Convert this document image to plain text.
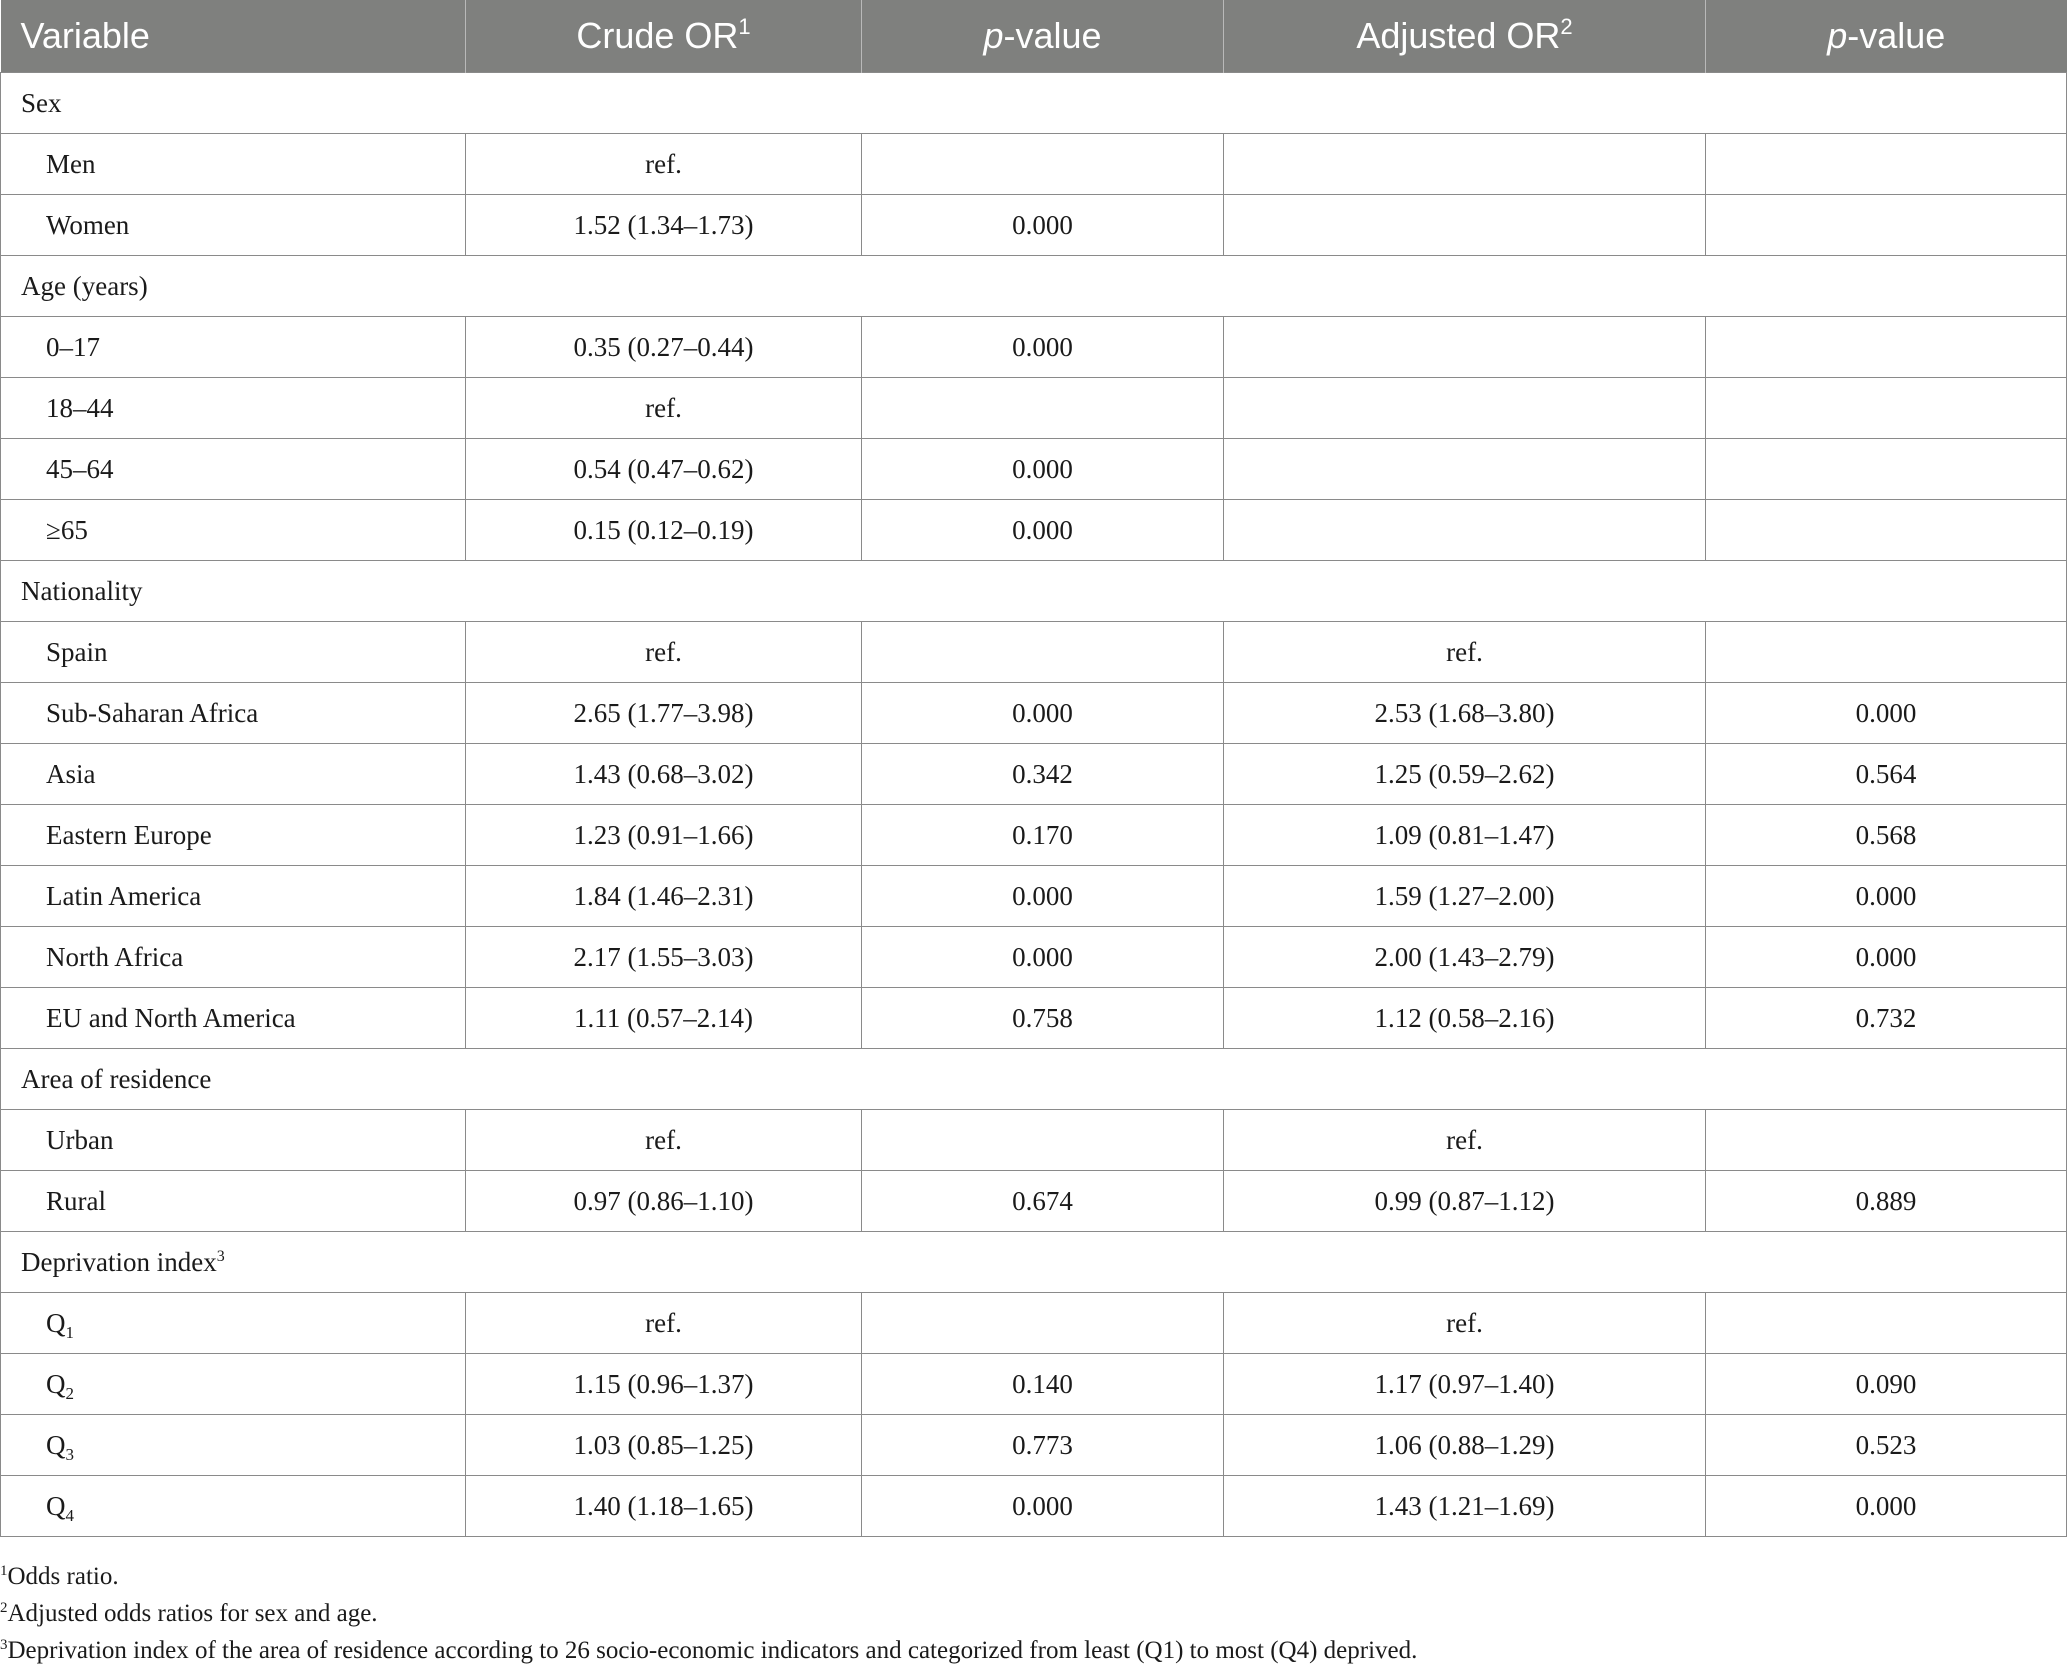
Variable	Crude $OR^1$	p-value	Adjusted $OR^2$	p-value
Sex				
Men	ref.			
Women	1.52 (1.34–1.73)	0.000		
Age (years)				
0–17	0.35 (0.27–0.44)	0.000		
18–44	ref.			
45–64	0.54 (0.47–0.62)	0.000		
≥65	0.15 (0.12–0.19)	0.000		
Nationality				
Spain	ref.		ref.	
Sub-Saharan Africa	2.65 (1.77–3.98)	0.000	2.53 (1.68–3.80)	0.000
Asia	1.43 (0.68–3.02)	0.342	1.25 (0.59–2.62)	0.564
Eastern Europe	1.23 (0.91–1.66)	0.170	1.09 (0.81–1.47)	0.568
Latin America	1.84 (1.46–2.31)	0.000	1.59 (1.27–2.00)	0.000
North Africa	2.17 (1.55–3.03)	0.000	2.00 (1.43–2.79)	0.000
EU and North America	1.11 (0.57–2.14)	0.758	1.12 (0.58–2.16)	0.732
Area of residence				
Urban	ref.		ref.	
Rural	0.97 (0.86–1.10)	0.674	0.99 (0.87–1.12)	0.889
Deprivation index$^3$
$Q_1$	ref.		ref.	
$Q_2$	1.15 (0.96–1.37)	0.140	1.17 (0.97–1.40)	0.090
$Q_3$	1.03 (0.85–1.25)	0.773	1.06 (0.88–1.29)	0.523
$Q_4$	1.40 (1.18–1.65)	0.000	1.43 (1.21–1.69)	0.000
$^1$Odds ratio.
$^2$Adjusted odds ratios for sex and age.
$^3$Deprivation index of the area of residence according to 26 socio-economic indicators and categorized from least (Q1) to most (Q4) deprived.
